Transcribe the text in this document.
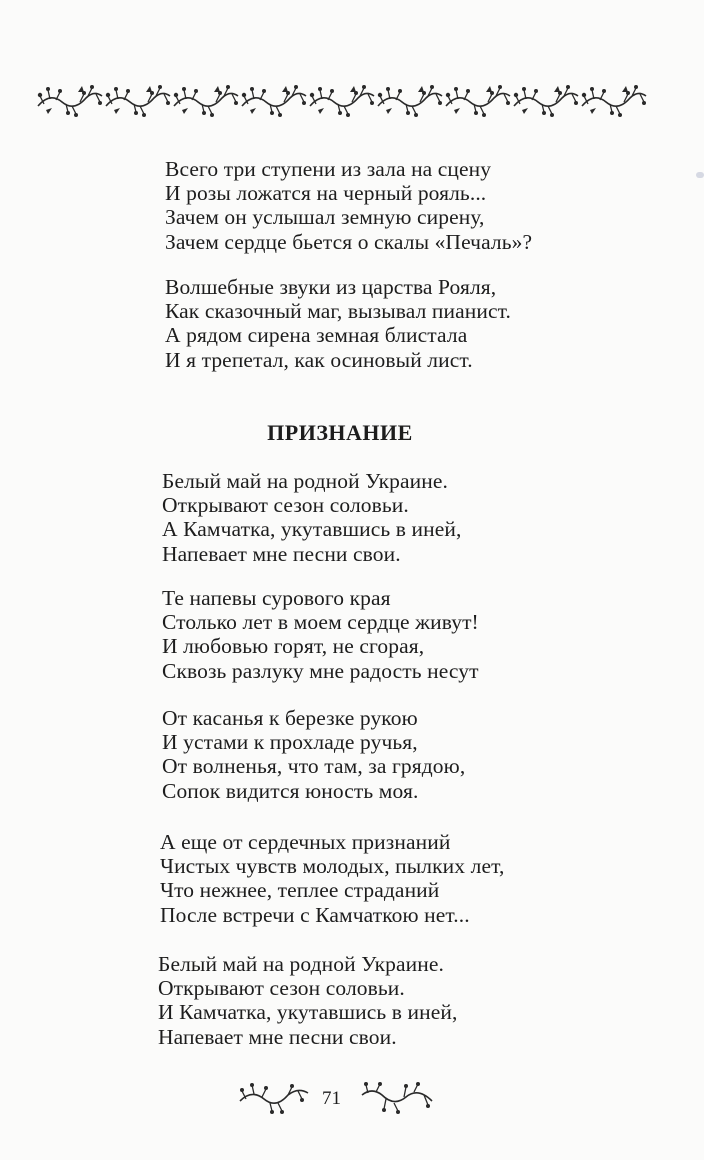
Всего три ступени из зала на сцену
И розы ложатся на черный рояль...
Зачем он услышал земную сирену,
Зачем сердце бьется о скалы «Печаль»?

Волшебные звуки из царства Рояля,
Как сказочный маг, вызывал пианист.
А рядом сирена земная блистала
И я трепетал, как осиновый лист.

ПРИЗНАНИЕ

Белый май на родной Украине.
Открывают сезон соловьи.
А Камчатка, укутавшись в иней,
Напевает мне песни свои.

Те напевы сурового края
Столько лет в моем сердце живут!
И любовью горят, не сгорая,
Сквозь разлуку мне радость несут

От касанья к березке рукою
И устами к прохладе ручья,
От волненья, что там, за грядою,
Сопок видится юность моя.

А еще от сердечных признаний
Чистых чувств молодых, пылких лет,
Что нежнее, теплее страданий
После встречи с Камчаткою нет...

Белый май на родной Украине.
Открывают сезон соловьи.
И Камчатка, укутавшись в иней,
Напевает мне песни свои.

71
